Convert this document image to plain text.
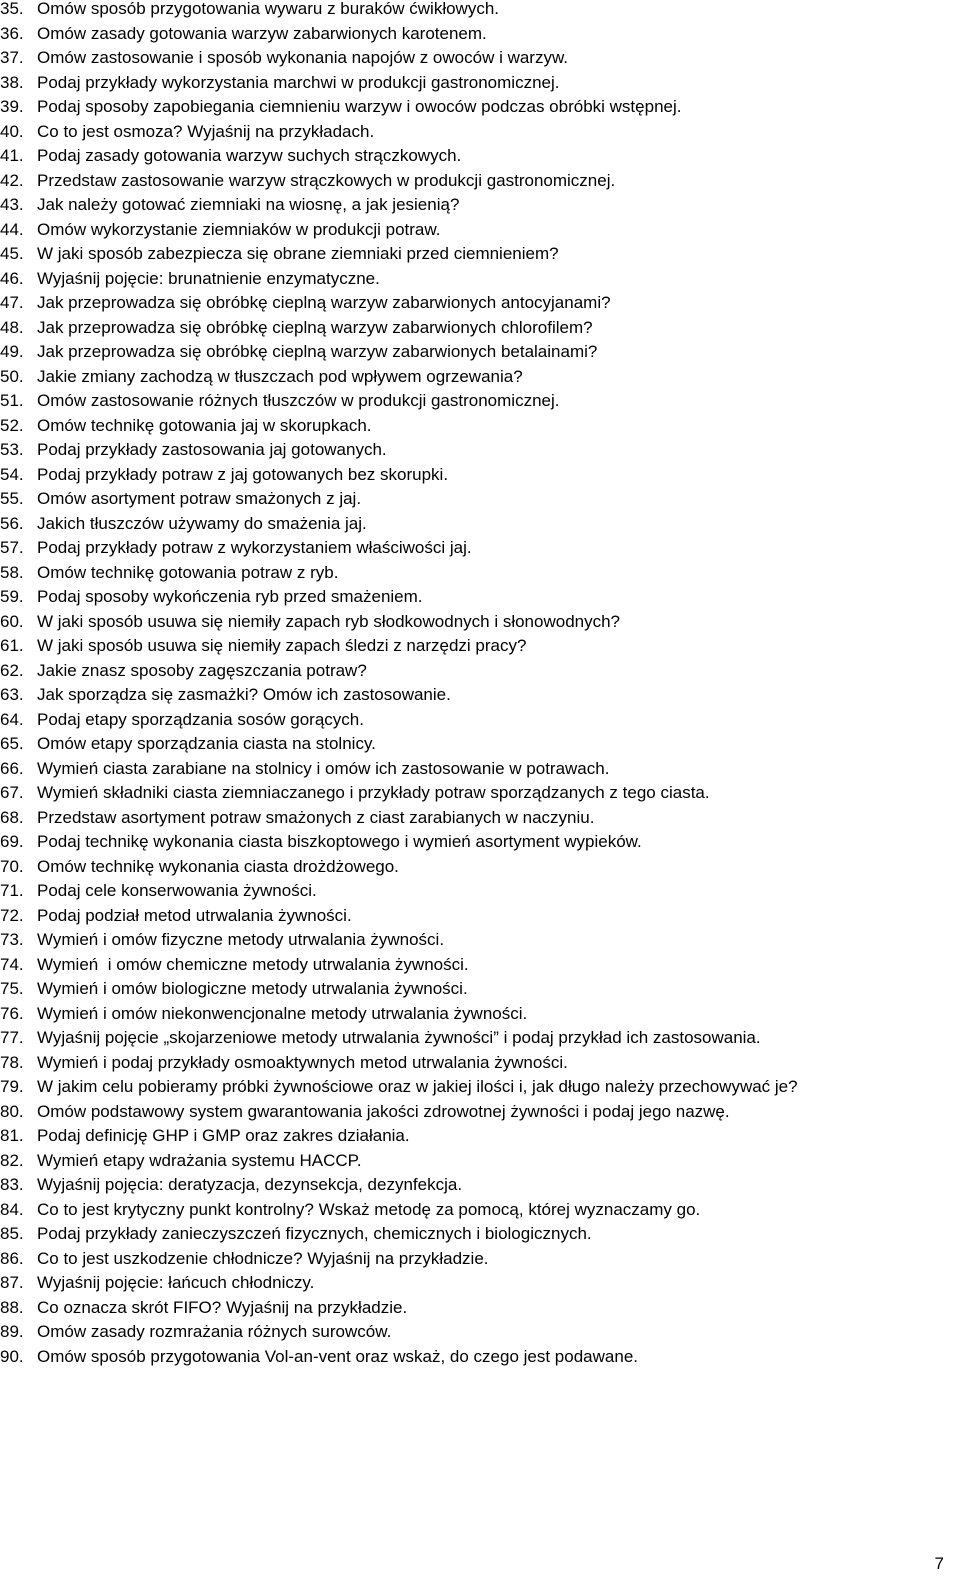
35. Omów sposób przygotowania wywaru z buraków ćwikłowych.
36. Omów zasady gotowania warzyw zabarwionych karotenem.
37. Omów zastosowanie i sposób wykonania napojów z owoców i warzyw.
38. Podaj przykłady wykorzystania marchwi w produkcji gastronomicznej.
39. Podaj sposoby zapobiegania ciemnieniu warzyw i owoców podczas obróbki wstępnej.
40. Co to jest osmoza? Wyjaśnij na przykładach.
41. Podaj zasady gotowania warzyw suchych strączkowych.
42. Przedstaw zastosowanie warzyw strączkowych w produkcji gastronomicznej.
43. Jak należy gotować ziemniaki na wiosnę, a jak jesienią?
44. Omów wykorzystanie ziemniaków w produkcji potraw.
45. W jaki sposób zabezpiecza się obrane ziemniaki przed ciemnieniem?
46. Wyjaśnij pojęcie: brunatnienie enzymatyczne.
47. Jak przeprowadza się obróbkę cieplną warzyw zabarwionych antocyjanami?
48. Jak przeprowadza się obróbkę cieplną warzyw zabarwionych chlorofilem?
49. Jak przeprowadza się obróbkę cieplną warzyw zabarwionych betalainami?
50. Jakie zmiany zachodzą w tłuszczach pod wpływem ogrzewania?
51. Omów zastosowanie różnych tłuszczów w produkcji gastronomicznej.
52. Omów technikę gotowania jaj w skorupkach.
53. Podaj przykłady zastosowania jaj gotowanych.
54. Podaj przykłady potraw z jaj gotowanych bez skorupki.
55. Omów asortyment potraw smażonych z jaj.
56. Jakich tłuszczów używamy do smażenia jaj.
57. Podaj przykłady potraw z wykorzystaniem właściwości jaj.
58. Omów technikę gotowania potraw z ryb.
59. Podaj sposoby wykończenia ryb przed smażeniem.
60. W jaki sposób usuwa się niemiły zapach ryb słodkowodnych i słonowodnych?
61. W jaki sposób usuwa się niemiły zapach śledzi z narzędzi pracy?
62. Jakie znasz sposoby zagęszczania potraw?
63. Jak sporządza się zasmażki? Omów ich zastosowanie.
64. Podaj etapy sporządzania sosów gorących.
65. Omów etapy sporządzania ciasta na stolnicy.
66. Wymień ciasta zarabiane na stolnicy i omów ich zastosowanie w potrawach.
67. Wymień składniki ciasta ziemniaczanego i przykłady potraw sporządzanych z tego ciasta.
68. Przedstaw asortyment potraw smażonych z ciast zarabianych w naczyniu.
69. Podaj technikę wykonania ciasta biszkoptowego i wymień asortyment wypieków.
70. Omów technikę wykonania ciasta drożdżowego.
71. Podaj cele konserwowania żywności.
72. Podaj podział metod utrwalania żywności.
73. Wymień i omów fizyczne metody utrwalania żywności.
74. Wymień  i omów chemiczne metody utrwalania żywności.
75. Wymień i omów biologiczne metody utrwalania żywności.
76. Wymień i omów niekonwencjonalne metody utrwalania żywności.
77. Wyjaśnij pojęcie „skojarzeniowe metody utrwalania żywności” i podaj przykład ich zastosowania.
78. Wymień i podaj przykłady osmoaktywnych metod utrwalania żywności.
79. W jakim celu pobieramy próbki żywnościowe oraz w jakiej ilości i, jak długo należy przechowywać je?
80. Omów podstawowy system gwarantowania jakości zdrowotnej żywności i podaj jego nazwę.
81. Podaj definicję GHP i GMP oraz zakres działania.
82. Wymień etapy wdrażania systemu HACCP.
83. Wyjaśnij pojęcia: deratyzacja, dezynsekcja, dezynfekcja.
84. Co to jest krytyczny punkt kontrolny? Wskaż metodę za pomocą, której wyznaczamy go.
85. Podaj przykłady zanieczyszczeń fizycznych, chemicznych i biologicznych.
86. Co to jest uszkodzenie chłodnicze? Wyjaśnij na przykładzie.
87. Wyjaśnij pojęcie: łańcuch chłodniczy.
88. Co oznacza skrót FIFO? Wyjaśnij na przykładzie.
89. Omów zasady rozmrażania różnych surowców.
90. Omów sposób przygotowania Vol-an-vent oraz wskaż, do czego jest podawane.
7
